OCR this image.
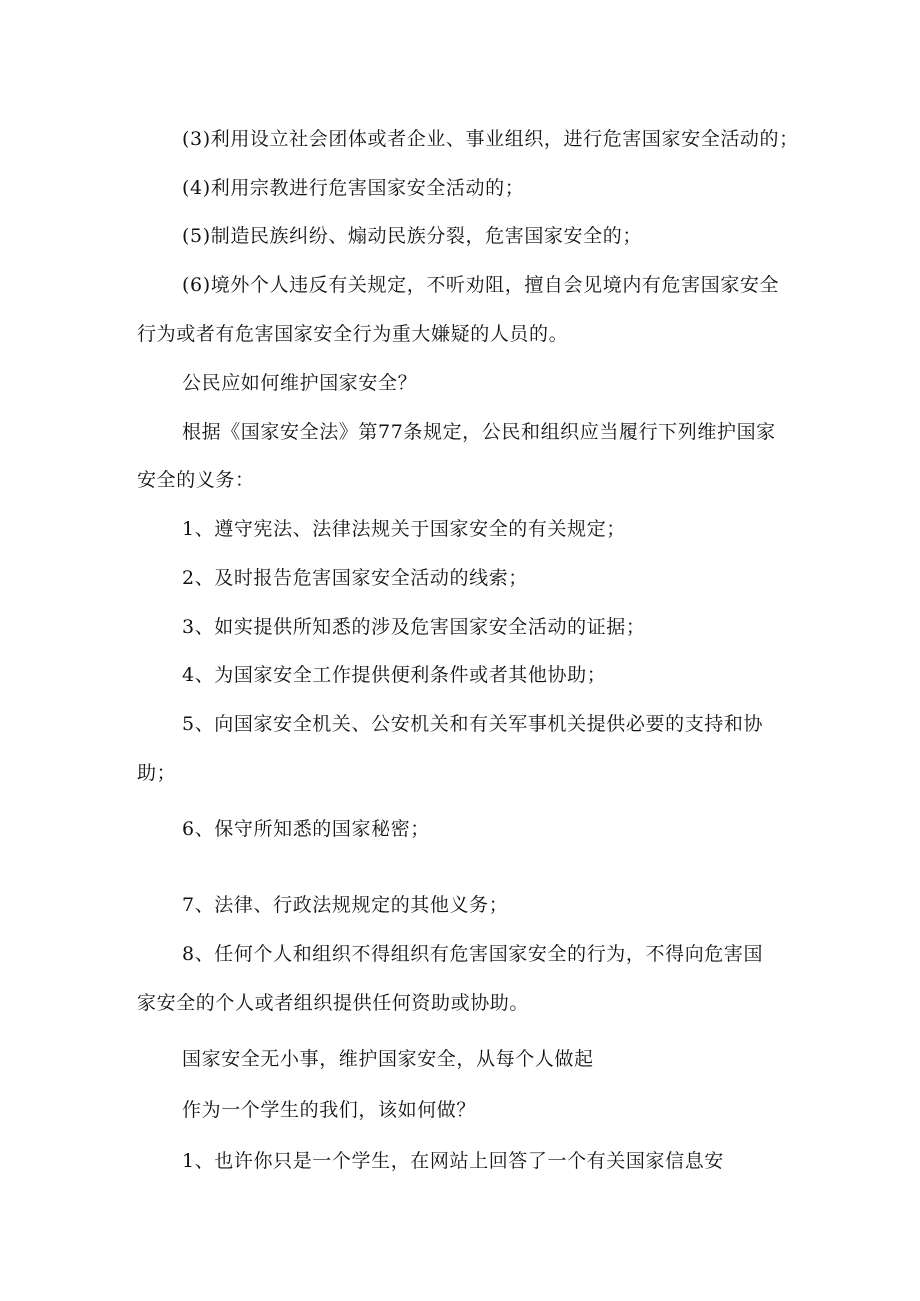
(3)利用设立社会团体或者企业、事业组织，进行危害国家安全活动的；
(4)利用宗教进行危害国家安全活动的；
(5)制造民族纠纷、煽动民族分裂，危害国家安全的；
(6)境外个人违反有关规定，不听劝阻，擅自会见境内有危害国家安全
行为或者有危害国家安全行为重大嫌疑的人员的。
公民应如何维护国家安全？
根据《国家安全法》第77条规定，公民和组织应当履行下列维护国家
安全的义务：
1、遵守宪法、法律法规关于国家安全的有关规定；
2、及时报告危害国家安全活动的线索；
3、如实提供所知悉的涉及危害国家安全活动的证据；
4、为国家安全工作提供便利条件或者其他协助；
5、向国家安全机关、公安机关和有关军事机关提供必要的支持和协
助；
6、保守所知悉的国家秘密；
7、法律、行政法规规定的其他义务；
8、任何个人和组织不得组织有危害国家安全的行为，不得向危害国
家安全的个人或者组织提供任何资助或协助。
国家安全无小事，维护国家安全，从每个人做起
作为一个学生的我们，该如何做？
1、也许你只是一个学生，在网站上回答了一个有关国家信息安
